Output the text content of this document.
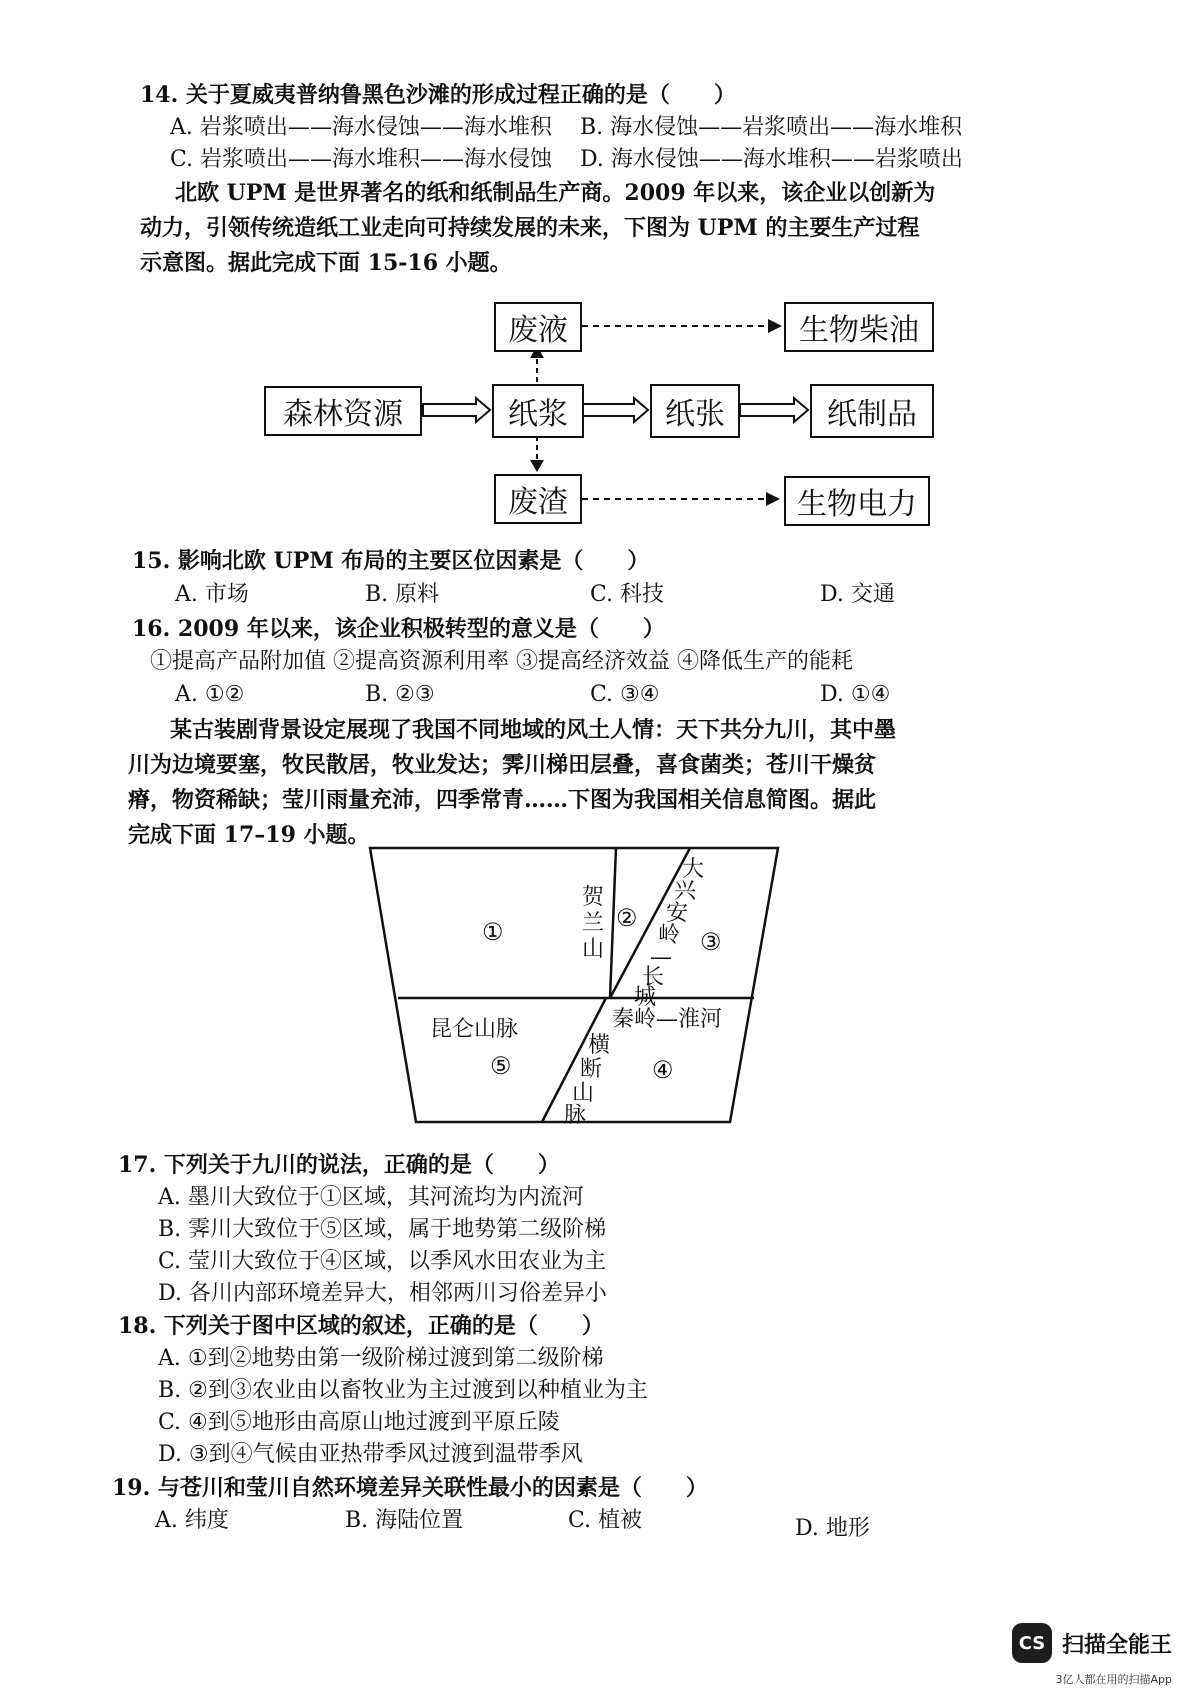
14. 关于夏威夷普纳鲁黑色沙滩的形成过程正确的是（　　）
A. 岩浆喷出——海水侵蚀——海水堆积 B. 海水侵蚀——岩浆喷出——海水堆积
C. 岩浆喷出——海水堆积——海水侵蚀 D. 海水侵蚀——海水堆积——岩浆喷出
北欧 UPM 是世界著名的纸和纸制品生产商。2009 年以来，该企业以创新为
动力，引领传统造纸工业走向可持续发展的未来，下图为 UPM 的主要生产过程
示意图。据此完成下面 15-16 小题。
森林资源	纸浆	纸张	纸制品
废液	生物柴油
废渣	生物电力
15. 影响北欧 UPM 布局的主要区位因素是（　　）
A. 市场	B. 原料	C. 科技	D. 交通
16. 2009 年以来，该企业积极转型的意义是（　　）
①提高产品附加值 ②提高资源利用率 ③提高经济效益 ④降低生产的能耗
A. ①②	B. ②③	C. ③④	D. ①④
某古装剧背景设定展现了我国不同地域的风土人情：天下共分九川，其中墨
川为边境要塞，牧民散居，牧业发达；霁川梯田层叠，喜食菌类；苍川干燥贫
瘠，物资稀缺；莹川雨量充沛，四季常青……下图为我国相关信息简图。据此
完成下面 17–19 小题。
①	②
③
④
⑤
贺
兰
山
大
兴
安
岭
—
长
城
昆仑山脉	秦岭—淮河
横
断
山
脉
17. 下列关于九川的说法，正确的是（　　）
A. 墨川大致位于①区域，其河流均为内流河
B. 霁川大致位于⑤区域，属于地势第二级阶梯
C. 莹川大致位于④区域，以季风水田农业为主
D. 各川内部环境差异大，相邻两川习俗差异小
18. 下列关于图中区域的叙述，正确的是（　　）
A. ①到②地势由第一级阶梯过渡到第二级阶梯
B. ②到③农业由以畜牧业为主过渡到以种植业为主
C. ④到⑤地形由高原山地过渡到平原丘陵
D. ③到④气候由亚热带季风过渡到温带季风
19. 与苍川和莹川自然环境差异关联性最小的因素是（　　）
A. 纬度	B. 海陆位置	C. 植被	D. 地形
CS 扫描全能王
3亿人都在用的扫描App
